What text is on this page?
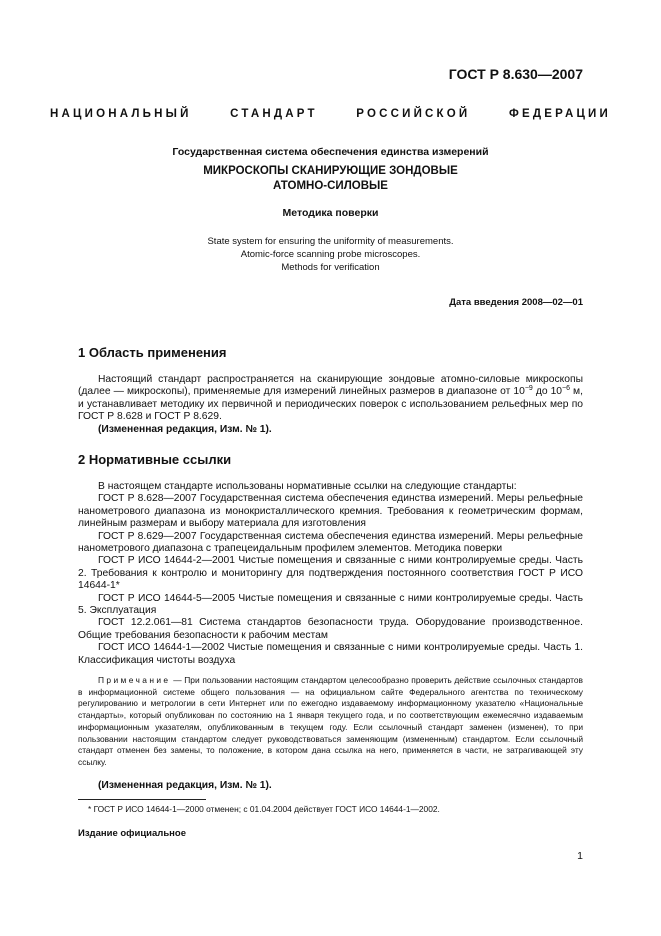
ГОСТ Р 8.630—2007
НАЦИОНАЛЬНЫЙ СТАНДАРТ РОССИЙСКОЙ ФЕДЕРАЦИИ
Государственная система обеспечения единства измерений
МИКРОСКОПЫ СКАНИРУЮЩИЕ ЗОНДОВЫЕ
АТОМНО-СИЛОВЫЕ
Методика поверки
State system for ensuring the uniformity of measurements.
Atomic-force scanning probe microscopes.
Methods for verification
Дата введения 2008—02—01
1 Область применения

Настоящий стандарт распространяется на сканирующие зондовые атомно-силовые микроскопы (далее — микроскопы), применяемые для измерений линейных размеров в диапазоне от $10^{-9}$ до $10^{-6}$ м, и устанавливает методику их первичной и периодических поверок с использованием рельефных мер по ГОСТ Р 8.628 и ГОСТ Р 8.629.

(Измененная редакция, Изм. № 1).

2 Нормативные ссылки

В настоящем стандарте использованы нормативные ссылки на следующие стандарты:

ГОСТ Р 8.628—2007 Государственная система обеспечения единства измерений. Меры рельефные нанометрового диапазона из монокристаллического кремния. Требования к геометрическим формам, линейным размерам и выбору материала для изготовления

ГОСТ Р 8.629—2007 Государственная система обеспечения единства измерений. Меры рельефные нанометрового диапазона с трапецеидальным профилем элементов. Методика поверки

ГОСТ Р ИСО 14644-2—2001 Чистые помещения и связанные с ними контролируемые среды. Часть 2. Требования к контролю и мониторингу для подтверждения постоянного соответствия ГОСТ Р ИСО 14644-1*

ГОСТ Р ИСО 14644-5—2005 Чистые помещения и связанные с ними контролируемые среды. Часть 5. Эксплуатация

ГОСТ 12.2.061—81 Система стандартов безопасности труда. Оборудование производственное. Общие требования безопасности к рабочим местам

ГОСТ ИСО 14644-1—2002 Чистые помещения и связанные с ними контролируемые среды. Часть 1. Классификация чистоты воздуха

Примечание — При пользовании настоящим стандартом целесообразно проверить действие ссылочных стандартов в информационной системе общего пользования — на официальном сайте Федерального агентства по техническому регулированию и метрологии в сети Интернет или по ежегодно издаваемому информационному указателю «Национальные стандарты», который опубликован по состоянию на 1 января текущего года, и по соответствующим ежемесячно издаваемым информационным указателям, опубликованным в текущем году. Если ссылочный стандарт заменен (изменен), то при пользовании настоящим стандартом следует руководствоваться заменяющим (измененным) стандартом. Если ссылочный стандарт отменен без замены, то положение, в котором дана ссылка на него, применяется в части, не затрагивающей эту ссылку.

(Измененная редакция, Изм. № 1).

* ГОСТ Р ИСО 14644-1—2000 отменен; с 01.04.2004 действует ГОСТ ИСО 14644-1—2002.
Издание официальное
1
